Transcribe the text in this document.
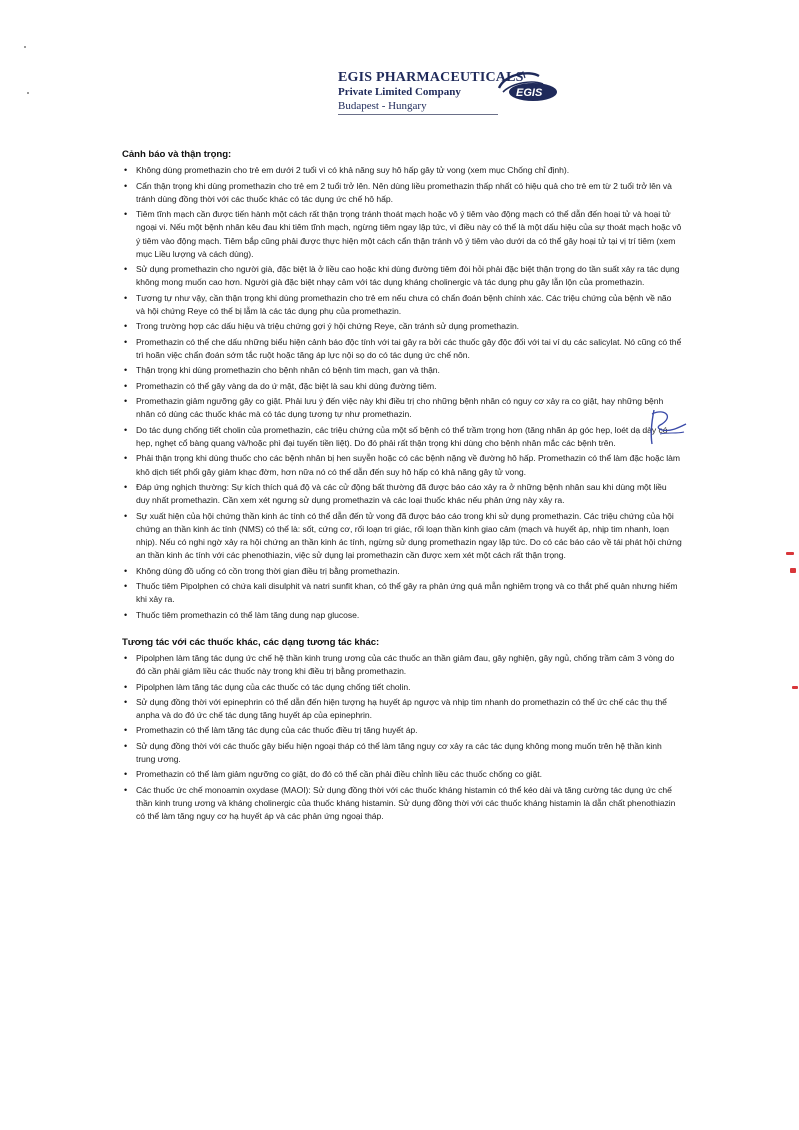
EGIS PHARMACEUTICALS
Private Limited Company
Budapest - Hungary
EGIS
Cảnh báo và thận trọng:
• Không dùng promethazin cho trẻ em dưới 2 tuổi vì có khả năng suy hô hấp gây tử vong (xem mục Chống chỉ định).
• Cẩn thận trọng khi dùng promethazin cho trẻ em 2 tuổi trở lên. Nên dùng liều promethazin thấp nhất có hiệu quả cho trẻ em từ 2 tuổi trở lên và tránh dùng đồng thời với các thuốc khác có tác dụng ức chế hô hấp.
• Tiêm tĩnh mạch cần được tiến hành một cách rất thận trọng tránh thoát mạch hoặc vô ý tiêm vào động mạch có thể dẫn đến hoại tử và hoại tử ngoại vi. Nếu một bệnh nhân kêu đau khi tiêm tĩnh mạch, ngừng tiêm ngay lập tức, vì điều này có thể là một dấu hiệu của sự thoát mạch hoặc vô ý tiêm vào động mạch. Tiêm bắp cũng phải được thực hiện một cách cẩn thận tránh vô ý tiêm vào dưới da có thể gây hoại tử tại vị trí tiêm (xem mục Liều lượng và cách dùng).
• Sử dụng promethazin cho người già, đặc biệt là ở liều cao hoặc khi dùng đường tiêm đòi hỏi phải đặc biệt thận trọng do tần suất xảy ra tác dụng không mong muốn cao hơn. Người già đặc biệt nhạy cảm với tác dụng kháng cholinergic và tác dụng phụ gây lẫn lộn của promethazin.
• Tương tự như vậy, cần thận trọng khi dùng promethazin cho trẻ em nếu chưa có chẩn đoán bệnh chính xác. Các triệu chứng của bệnh về não và hội chứng Reye có thể bị lẫm là các tác dụng phụ của promethazin.
• Trong trường hợp các dấu hiệu và triệu chứng gợi ý hội chứng Reye, cần tránh sử dụng promethazin.
• Promethazin có thể che dấu những biểu hiện cảnh báo độc tính với tai gây ra bởi các thuốc gây độc đối với tai ví dụ các salicylat. Nó cũng có thể trì hoãn việc chẩn đoán sớm tắc ruột hoặc tăng áp lực nội sọ do có tác dụng ức chế nôn.
• Thận trọng khi dùng promethazin cho bệnh nhân có bệnh tim mạch, gan và thận.
• Promethazin có thể gây vàng da do ứ mật, đặc biệt là sau khi dùng đường tiêm.
• Promethazin giảm ngưỡng gây co giật. Phải lưu ý đến việc này khi điều trị cho những bệnh nhân có nguy cơ xảy ra co giật, hay những bệnh nhân có dùng các thuốc khác mà có tác dụng tương tự như promethazin.
• Do tác dụng chống tiết cholin của promethazin, các triệu chứng của một số bệnh có thể trầm trọng hơn (tăng nhãn áp góc hẹp, loét dạ dày có hẹp, nghẹt cổ bàng quang và/hoặc phì đại tuyến tiền liệt). Do đó phải rất thận trọng khi dùng cho bệnh nhân mắc các bệnh trên.
• Phải thận trọng khi dùng thuốc cho các bệnh nhân bị hen suyễn hoặc có các bệnh nặng về đường hô hấp. Promethazin có thể làm đặc hoặc làm khô dịch tiết phổi gây giảm khạc đờm, hơn nữa nó có thể dẫn đến suy hô hấp có khả năng gây tử vong.
• Đáp ứng nghịch thường: Sự kích thích quá độ và các cử động bất thường đã được báo cáo xảy ra ở những bệnh nhân sau khi dùng một liều duy nhất promethazin. Cần xem xét ngưng sử dụng promethazin và các loại thuốc khác nếu phản ứng này xảy ra.
• Sự xuất hiện của hội chứng thần kinh ác tính có thể dẫn đến tử vong đã được báo cáo trong khi sử dụng promethazin. Các triệu chứng của hội chứng an thần kinh ác tính (NMS) có thể là: sốt, cứng cơ, rối loạn tri giác, rối loạn thần kinh giao cảm (mạch và huyết áp, nhịp tim nhanh, loạn nhịp). Nếu có nghi ngờ xảy ra hội chứng an thần kinh ác tính, ngừng sử dụng promethazin ngay lập tức. Do có các báo cáo về tái phát hội chứng an thần kinh ác tính với các phenothiazin, việc sử dụng lại promethazin cần được xem xét một cách rất thận trọng.
• Không dùng đồ uống có cồn trong thời gian điều trị bằng promethazin.
• Thuốc tiêm Pipolphen có chứa kali disulphit và natri sunfit khan, có thể gây ra phản ứng quá mẫn nghiêm trọng và co thắt phế quản nhưng hiếm khi xảy ra.
• Thuốc tiêm promethazin có thể làm tăng dung nạp glucose.
Tương tác với các thuốc khác, các dạng tương tác khác:
• Pipolphen làm tăng tác dụng ức chế hệ thần kinh trung ương của các thuốc an thần giảm đau, gây nghiện, gây ngủ, chống trầm cảm 3 vòng do đó cần phải giảm liều các thuốc này trong khi điều trị bằng promethazin.
• Pipolphen làm tăng tác dụng của các thuốc có tác dụng chống tiết cholin.
• Sử dụng đồng thời với epinephrin có thể dẫn đến hiện tượng hạ huyết áp ngược và nhịp tim nhanh do promethazin có thể ức chế các thụ thể anpha và do đó ức chế tác dụng tăng huyết áp của epinephrin.
• Promethazin có thể làm tăng tác dụng của các thuốc điều trị tăng huyết áp.
• Sử dụng đồng thời với các thuốc gây biểu hiện ngoại tháp có thể làm tăng nguy cơ xảy ra các tác dụng không mong muốn trên hệ thần kinh trung ương.
• Promethazin có thể làm giảm ngưỡng co giật, do đó có thể cần phải điều chỉnh liều các thuốc chống co giật.
• Các thuốc ức chế monoamin oxydase (MAOI): Sử dụng đồng thời với các thuốc kháng histamin có thể kéo dài và tăng cường tác dụng ức chế thần kinh trung ương và kháng cholinergic của thuốc kháng histamin. Sử dụng đồng thời với các thuốc kháng histamin là dẫn chất phenothiazin có thể làm tăng nguy cơ hạ huyết áp và các phản ứng ngoại tháp.
